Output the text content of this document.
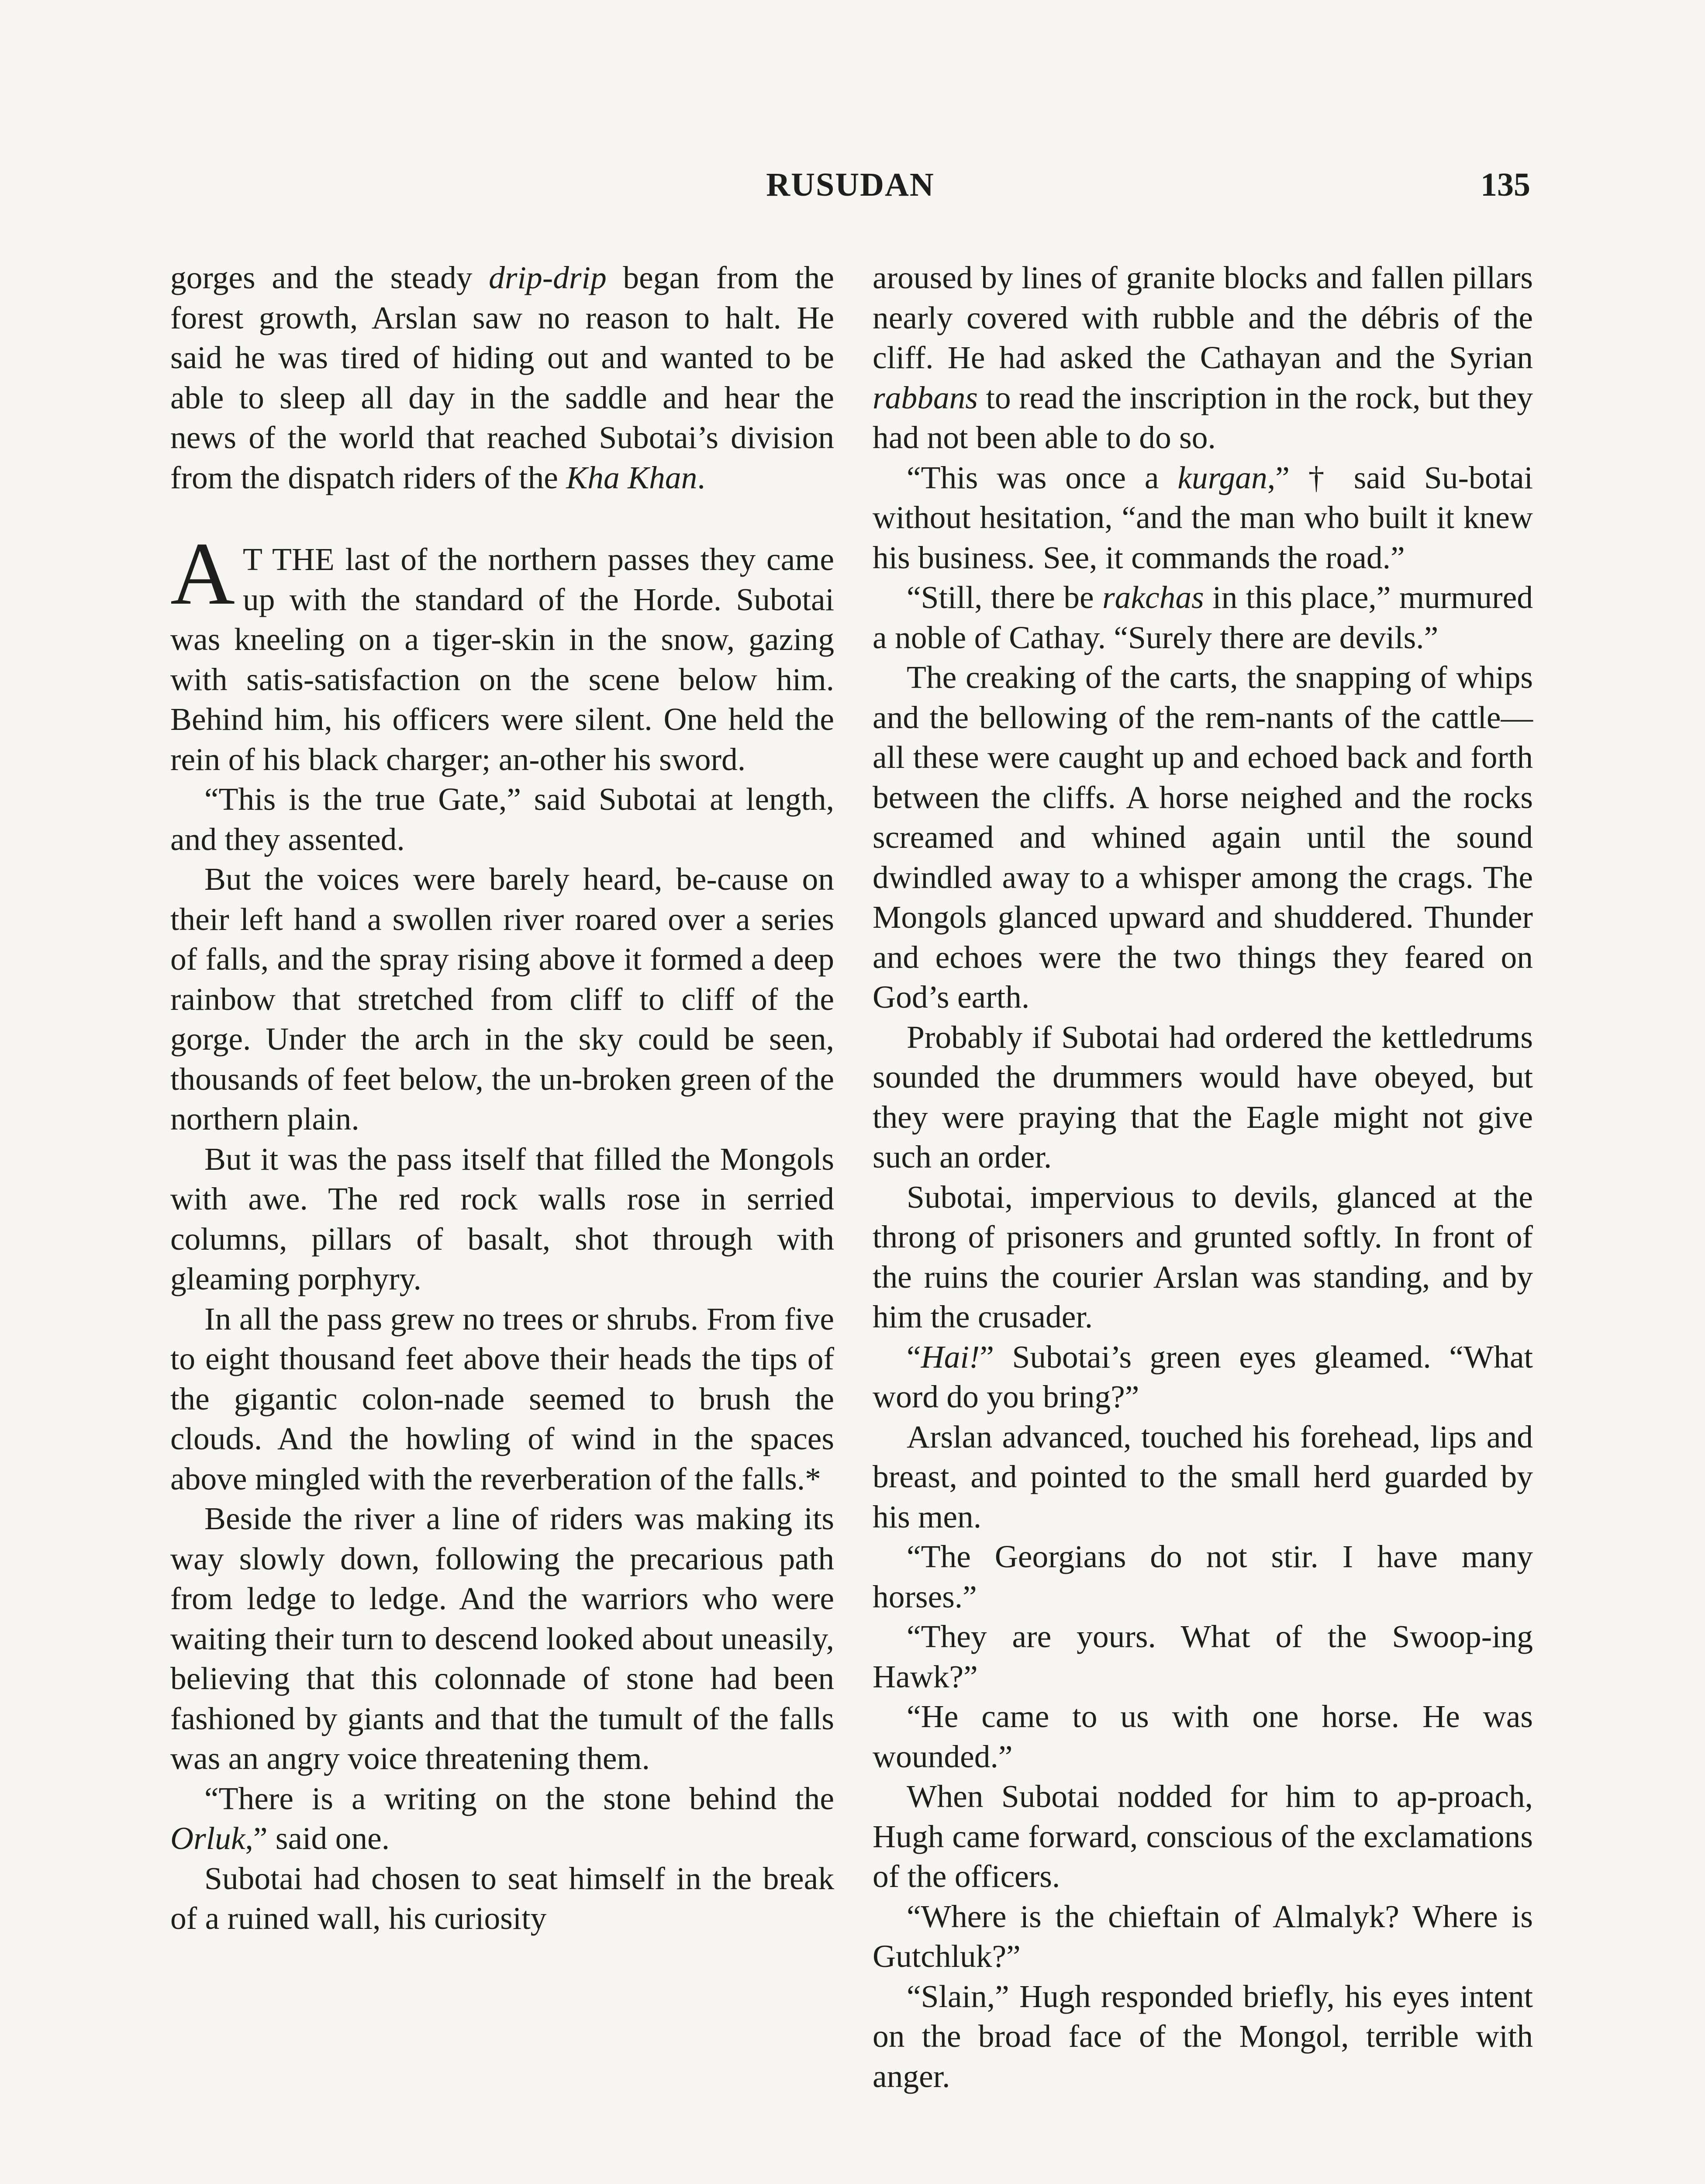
RUSUDAN	135

gorges and the steady drip-drip began from the forest growth, Arslan saw no reason to halt. He said he was tired of hiding out and wanted to be able to sleep all day in the saddle and hear the news of the world that reached Subotai’s division from the dispatch riders of the Kha Khan.

A T THE last of the northern passes they came up with the standard of the Horde. Subotai was kneeling on a tiger-skin in the snow, gazing with satis-satisfaction on the scene below him. Behind him, his officers were silent. One held the rein of his black charger; an-other his sword.

“This is the true Gate,” said Subotai at length, and they assented.

But the voices were barely heard, be-cause on their left hand a swollen river roared over a series of falls, and the spray rising above it formed a deep rainbow that stretched from cliff to cliff of the gorge. Under the arch in the sky could be seen, thousands of feet below, the un-broken green of the northern plain.

But it was the pass itself that filled the Mongols with awe. The red rock walls rose in serried columns, pillars of basalt, shot through with gleaming porphyry.

In all the pass grew no trees or shrubs. From five to eight thousand feet above their heads the tips of the gigantic colon-nade seemed to brush the clouds. And the howling of wind in the spaces above mingled with the reverberation of the falls.*

Beside the river a line of riders was making its way slowly down, following the precarious path from ledge to ledge. And the warriors who were waiting their turn to descend looked about uneasily, believing that this colonnade of stone had been fashioned by giants and that the tumult of the falls was an angry voice threatening them.

“There is a writing on the stone behind the Orluk,” said one.

Subotai had chosen to seat himself in the break of a ruined wall, his curiosity

aroused by lines of granite blocks and fallen pillars nearly covered with rubble and the débris of the cliff. He had asked the Cathayan and the Syrian rabbans to read the inscription in the rock, but they had not been able to do so.

“This was once a kurgan,” † said Su-botai without hesitation, “and the man who built it knew his business. See, it commands the road.”

“Still, there be rakchas in this place,” murmured a noble of Cathay. “Surely there are devils.”

The creaking of the carts, the snapping of whips and the bellowing of the rem-nants of the cattle—all these were caught up and echoed back and forth between the cliffs. A horse neighed and the rocks screamed and whined again until the sound dwindled away to a whisper among the crags. The Mongols glanced upward and shuddered. Thunder and echoes were the two things they feared on God’s earth.

Probably if Subotai had ordered the kettledrums sounded the drummers would have obeyed, but they were praying that the Eagle might not give such an order.

Subotai, impervious to devils, glanced at the throng of prisoners and grunted softly. In front of the ruins the courier Arslan was standing, and by him the crusader.

“Hai!” Subotai’s green eyes gleamed. “What word do you bring?”

Arslan advanced, touched his forehead, lips and breast, and pointed to the small herd guarded by his men.

“The Georgians do not stir. I have many horses.”

“They are yours. What of the Swoop-ing Hawk?”

“He came to us with one horse. He was wounded.”

When Subotai nodded for him to ap-proach, Hugh came forward, conscious of the exclamations of the officers.

“Where is the chieftain of Almalyk? Where is Gutchluk?”

“Slain,” Hugh responded briefly, his eyes intent on the broad face of the Mongol, terrible with anger.
